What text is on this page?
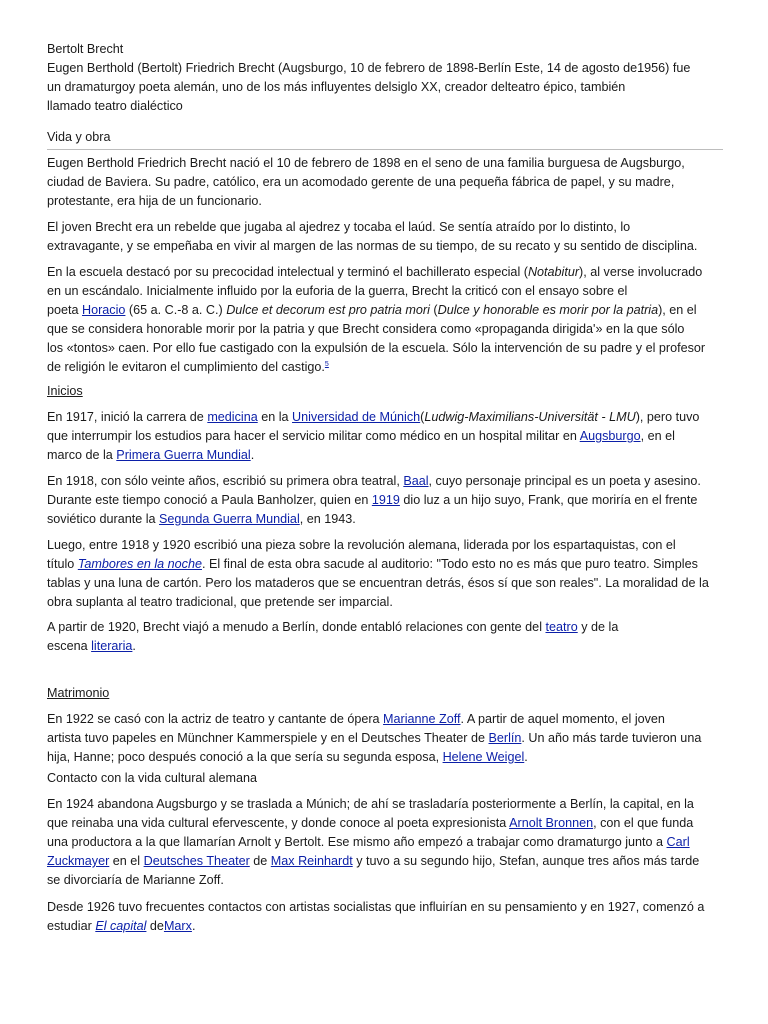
Bertolt Brecht
Eugen Berthold (Bertolt) Friedrich Brecht (Augsburgo, 10 de febrero de 1898-Berlín Este, 14 de agosto de1956) fue
un dramaturgoy poeta alemán, uno de los más influyentes delsiglo XX, creador delteatro épico, también
llamado teatro dialéctico
Vida y obra
Eugen Berthold Friedrich Brecht nació el 10 de febrero de 1898 en el seno de una familia burguesa de Augsburgo,
ciudad de Baviera. Su padre, católico, era un acomodado gerente de una pequeña fábrica de papel, y su madre,
protestante, era hija de un funcionario.
El joven Brecht era un rebelde que jugaba al ajedrez y tocaba el laúd. Se sentía atraído por lo distinto, lo
extravagante, y se empeñaba en vivir al margen de las normas de su tiempo, de su recato y su sentido de disciplina.
En la escuela destacó por su precocidad intelectual y terminó el bachillerato especial (Notabitur), al verse involucrado
en un escándalo. Inicialmente influido por la euforia de la guerra, Brecht la criticó con el ensayo sobre el
poeta Horacio (65 a. C.-8 a. C.) Dulce et decorum est pro patria mori (Dulce y honorable es morir por la patria), en el
que se considera honorable morir por la patria y que Brecht considera como «propaganda dirigida'» en la que sólo
los «tontos» caen. Por ello fue castigado con la expulsión de la escuela. Sólo la intervención de su padre y el profesor
de religión le evitaron el cumplimiento del castigo.$^5$
Inicios
En 1917, inició la carrera de medicina en la Universidad de Múnich(Ludwig-Maximilians-Universität - LMU), pero tuvo
que interrumpir los estudios para hacer el servicio militar como médico en un hospital militar en Augsburgo, en el
marco de la Primera Guerra Mundial.
En 1918, con sólo veinte años, escribió su primera obra teatral, Baal, cuyo personaje principal es un poeta y asesino.
Durante este tiempo conoció a Paula Banholzer, quien en 1919 dio luz a un hijo suyo, Frank, que moriría en el frente
soviético durante la Segunda Guerra Mundial, en 1943.
Luego, entre 1918 y 1920 escribió una pieza sobre la revolución alemana, liderada por los espartaquistas, con el
título Tambores en la noche. El final de esta obra sacude al auditorio: "Todo esto no es más que puro teatro. Simples
tablas y una luna de cartón. Pero los mataderos que se encuentran detrás, ésos sí que son reales". La moralidad de la
obra suplanta al teatro tradicional, que pretende ser imparcial.
A partir de 1920, Brecht viajó a menudo a Berlín, donde entabló relaciones con gente del teatro y de la
escena literaria.
Matrimonio
En 1922 se casó con la actriz de teatro y cantante de ópera Marianne Zoff. A partir de aquel momento, el joven
artista tuvo papeles en Münchner Kammerspiele y en el Deutsches Theater de Berlín. Un año más tarde tuvieron una
hija, Hanne; poco después conoció a la que sería su segunda esposa, Helene Weigel.
Contacto con la vida cultural alemana
En 1924 abandona Augsburgo y se traslada a Múnich; de ahí se trasladaría posteriormente a Berlín, la capital, en la
que reinaba una vida cultural efervescente, y donde conoce al poeta expresionista Arnolt Bronnen, con el que funda
una productora a la que llamarían Arnolt y Bertolt. Ese mismo año empezó a trabajar como dramaturgo junto a Carl
Zuckmayer en el Deutsches Theater de Max Reinhardt y tuvo a su segundo hijo, Stefan, aunque tres años más tarde
se divorciaría de Marianne Zoff.
Desde 1926 tuvo frecuentes contactos con artistas socialistas que influirían en su pensamiento y en 1927, comenzó a
estudiar El capital deMarx.
